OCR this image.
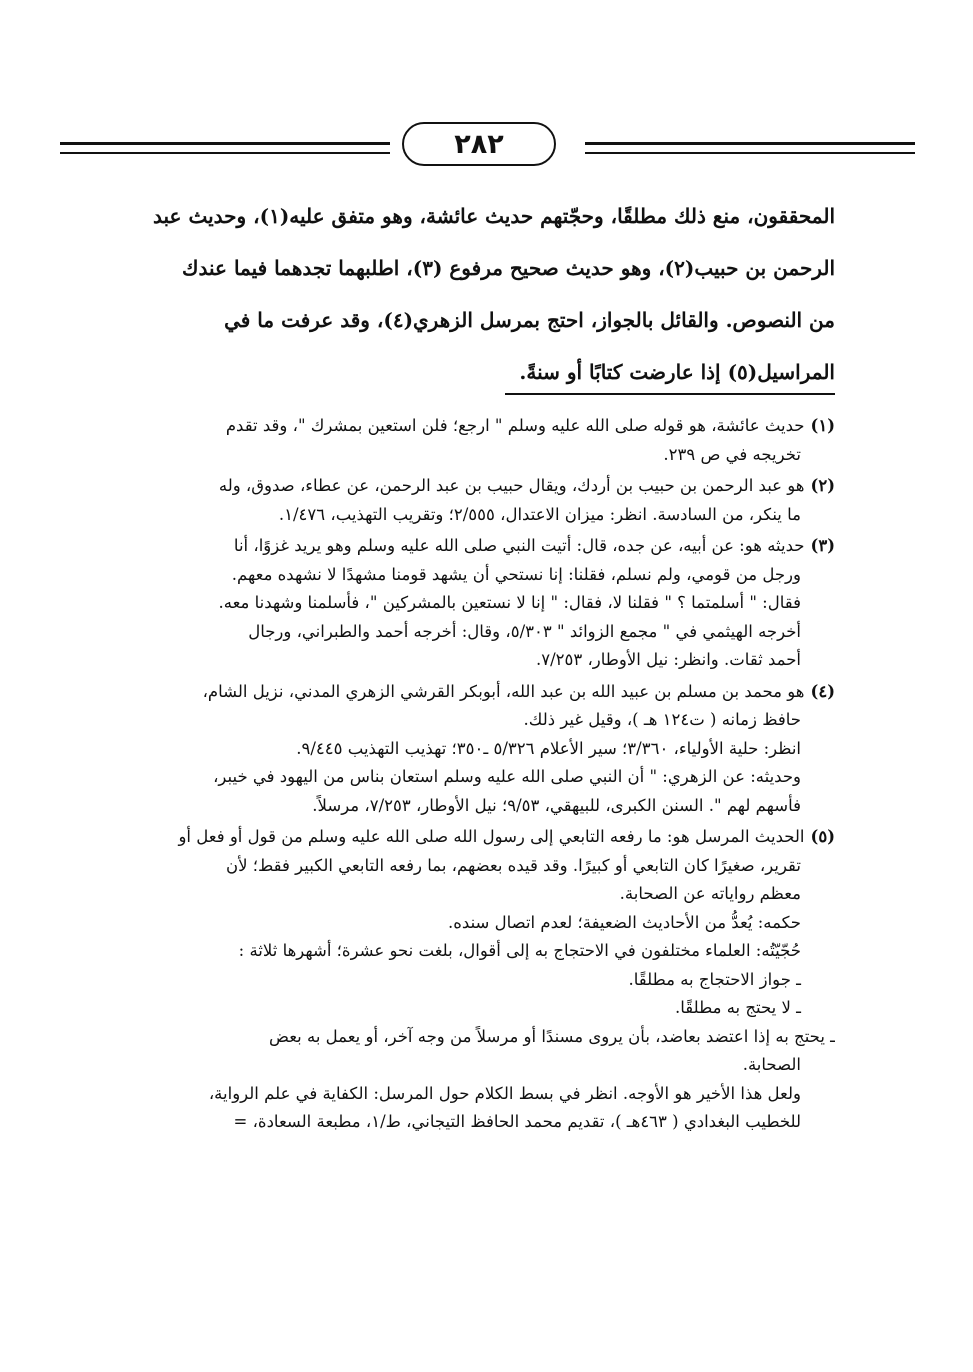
٢٨٢

المحققون، منع ذلك مطلقًا، وحجّتهم حديث عائشة، وهو متفق عليه(١)، وحديث عبد

الرحمن بن حبيب(٢)، وهو حديث صحيح مرفوع (٣)، اطلبهما تجدهما فيما عندك

من النصوص. والقائل بالجواز، احتج بمرسل الزهري(٤)، وقد عرفت ما في

المراسيل(٥) إذا عارضت كتابًا أو سنةً.

(١)حديث عائشة، هو قوله صلى الله عليه وسلم " ارجع؛ فلن استعين بمشرك "، وقد تقدم
تخريجه في ص ٢٣٩.
(٢)هو عبد الرحمن بن حبيب بن أردك، ويقال حبيب بن عبد الرحمن، عن عطاء، صدوق، وله
ما ينكر، من السادسة. انظر: ميزان الاعتدال، ٢/٥٥٥؛ وتقريب التهذيب، ١/٤٧٦.
(٣)حديثه هو: عن أبيه، عن جده، قال: أتيت النبي صلى الله عليه وسلم وهو يريد غزوًا، أنا
ورجل من قومي، ولم نسلم، فقلنا: إنا نستحي أن يشهد قومنا مشهدًا لا نشهده معهم.
فقال: " أسلمتما ؟ " فقلنا لا، فقال: " إنا لا نستعين بالمشركين "، فأسلمنا وشهدنا معه.
أخرجه الهيثمي في " مجمع الزوائد " ٥/٣٠٣، وقال: أخرجه أحمد والطبراني، ورجال
أحمد ثقات. وانظر: نيل الأوطار، ٧/٢٥٣.
(٤)هو محمد بن مسلم بن عبيد الله بن عبد الله، أبوبكر القرشي الزهري المدني، نزيل الشام،
حافظ زمانه ( ت١٢٤ هـ )، وقيل غير ذلك.
انظر: حلية الأولياء، ٣/٣٦٠؛ سير الأعلام ٥/٣٢٦ ـ٣٥٠؛ تهذيب التهذيب ٩/٤٤٥.
وحديثه: عن الزهري: " أن النبي صلى الله عليه وسلم استعان بناس من اليهود في خيبر،
فأسهم لهم ". السنن الكبرى، للبيهقي، ٩/٥٣؛ نيل الأوطار، ٧/٢٥٣، مرسلاً.
(٥)الحديث المرسل هو: ما رفعه التابعي إلى رسول الله صلى الله عليه وسلم من قول أو فعل أو
تقرير، صغيرًا كان التابعي أو كبيرًا. وقد قيده بعضهم، بما رفعه التابعي الكبير فقط؛ لأن
معظم رواياته عن الصحابة.
حكمه: يُعدُّ من الأحاديث الضعيفة؛ لعدم اتصال سنده.
حُجّيّتُه: العلماء مختلفون في الاحتجاج به إلى أقوال، بلغت نحو عشرة؛ أشهرها ثلاثة :
ـ جواز الاحتجاج به مطلقًا.
ـ لا يحتج به مطلقًا.
ـ يحتج به إذا اعتضد بعاضد، بأن يروى مسندًا أو مرسلاً من وجه آخر، أو يعمل به بعض
الصحابة.
ولعل هذا الأخير هو الأوجه. انظر في بسط الكلام حول المرسل: الكفاية في علم الرواية،
للخطيب البغدادي ( ٤٦٣هـ )، تقديم محمد الحافظ التيجاني، ط/١، مطبعة السعادة، =
